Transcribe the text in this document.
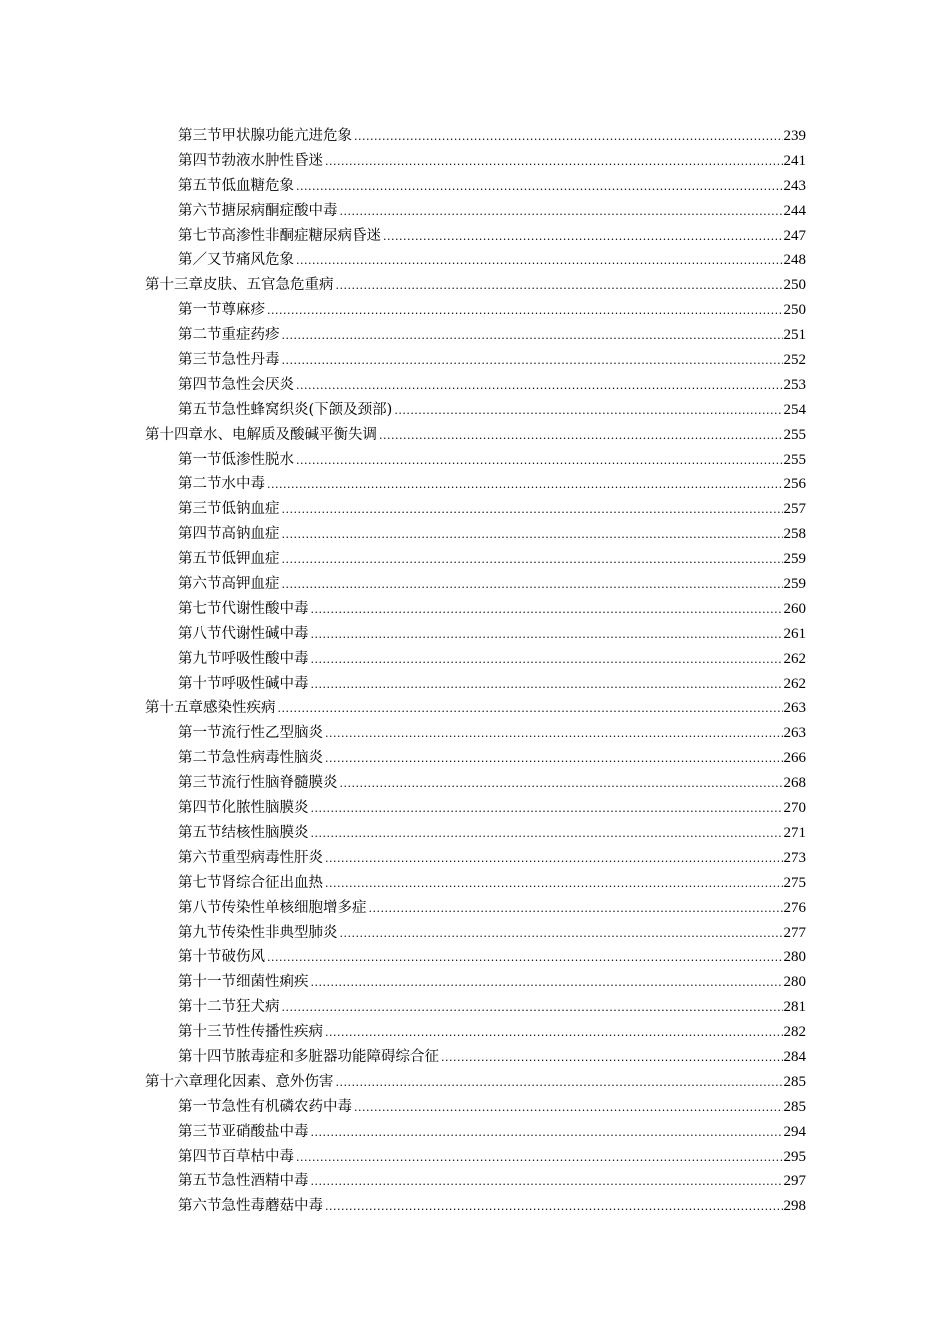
第三节甲状腺功能亢进危象 .....	239
第四节勃液水肿性昏迷 .....	241
第五节低血糖危象 .....	243
第六节搪尿病酮症酸中毒 .....	244
第七节高渗性非酮症糖尿病昏迷 .....	247
第／又节痛风危象 .....	248
第十三章皮肤、五官急危重病 .....	250
第一节尊麻疹 .....	250
第二节重症药疹 .....	251
第三节急性丹毒 .....	252
第四节急性会厌炎 .....	253
第五节急性蜂窝织炎(下颌及颈部) .....	254
第十四章水、电解质及酸碱平衡失调 .....	255
第一节低渗性脱水 .....	255
第二节水中毒 .....	256
第三节低钠血症 .....	257
第四节高钠血症 .....	258
第五节低钾血症 .....	259
第六节高钾血症 .....	259
第七节代谢性酸中毒 .....	260
第八节代谢性碱中毒 .....	261
第九节呼吸性酸中毒 .....	262
第十节呼吸性碱中毒 .....	262
第十五章感染性疾病 .....	263
第一节流行性乙型脑炎 .....	263
第二节急性病毒性脑炎 .....	266
第三节流行性脑脊髓膜炎 .....	268
第四节化脓性脑膜炎 .....	270
第五节结核性脑膜炎 .....	271
第六节重型病毒性肝炎 .....	273
第七节肾综合征出血热 .....	275
第八节传染性单核细胞增多症 .....	276
第九节传染性非典型肺炎 .....	277
第十节破伤风 .....	280
第十一节细菌性痢疾 .....	280
第十二节狂犬病 .....	281
第十三节性传播性疾病 .....	282
第十四节脓毒症和多脏器功能障碍综合征 .....	284
第十六章理化因素、意外伤害 .....	285
第一节急性有机磷农药中毒 .....	285
第三节亚硝酸盐中毒 .....	294
第四节百草枯中毒 .....	295
第五节急性酒精中毒 .....	297
第六节急性毒蘑菇中毒 .....	298
